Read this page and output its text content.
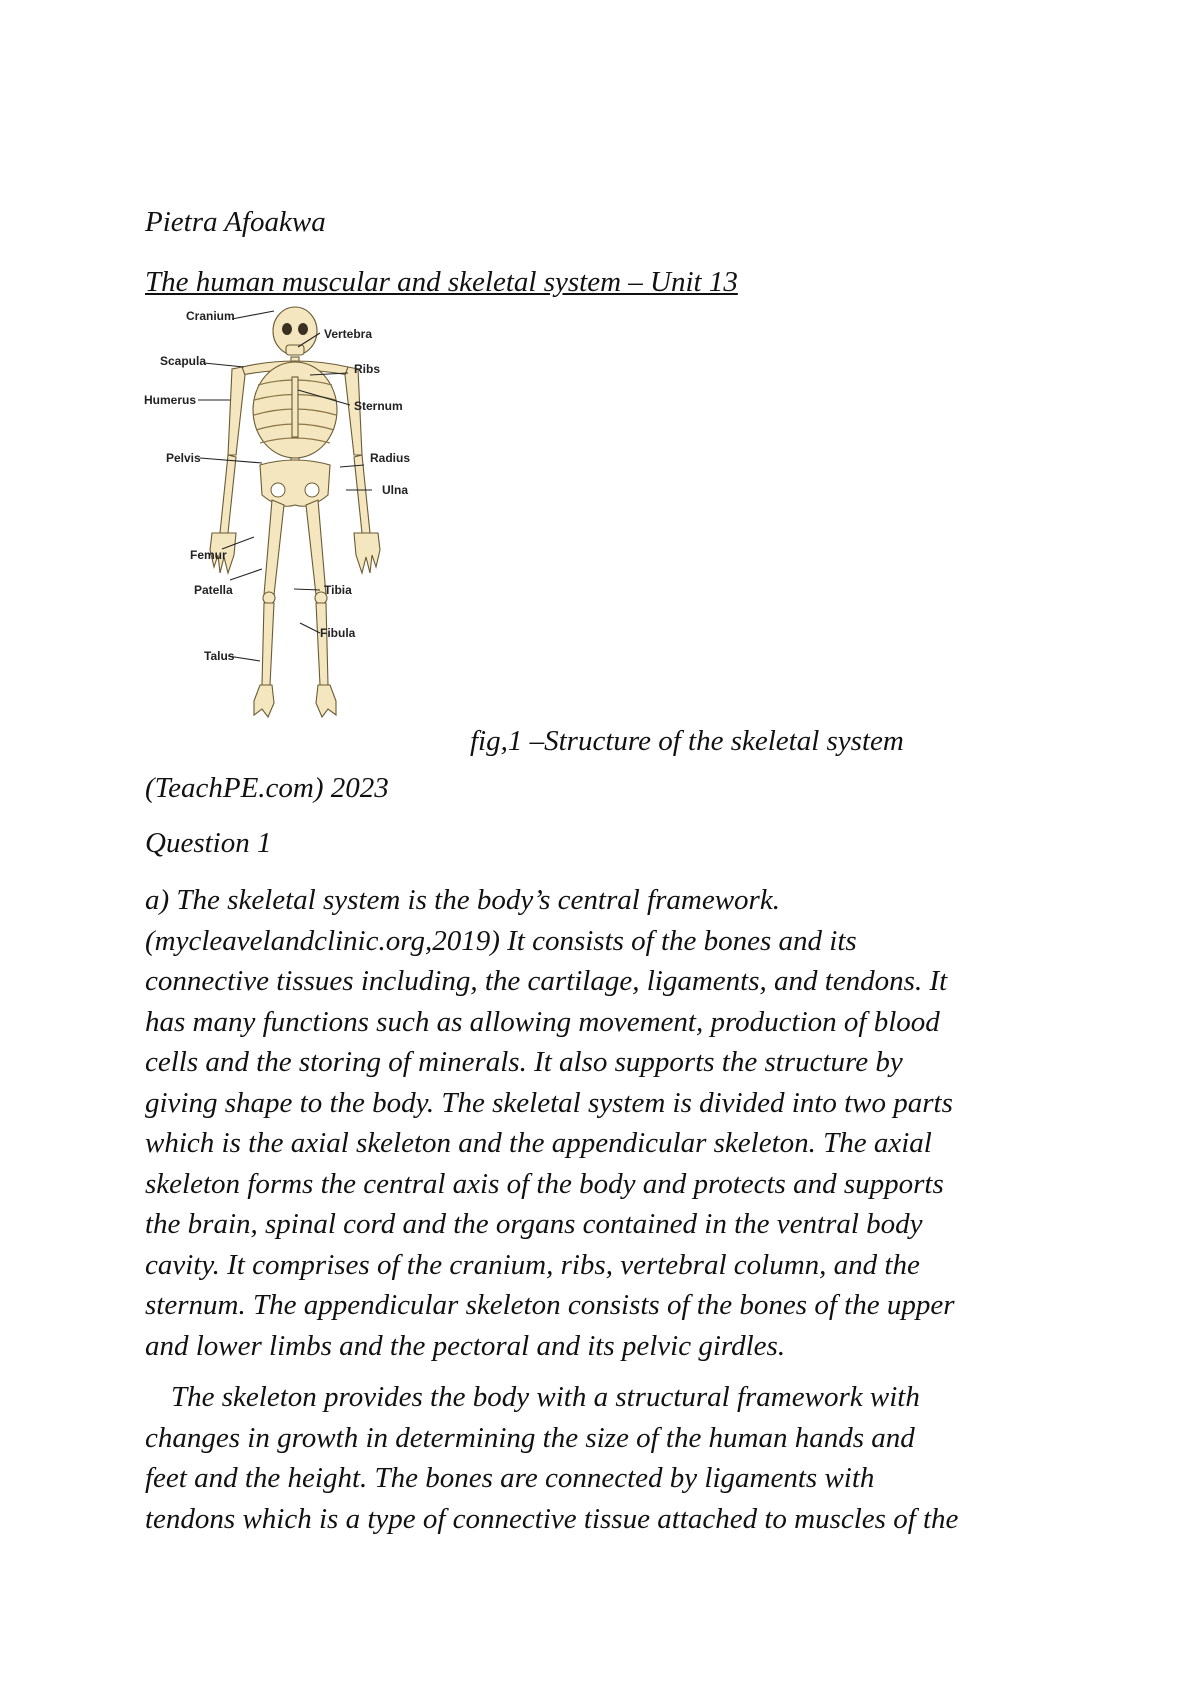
Pietra Afoakwa
The human muscular and skeletal system – Unit 13
Cranium
Vertebra
Scapula
Ribs
Humerus	Sternum
Pelvis	Radius
Ulna
Femur
Patella	Tibia
Fibula
Talus
fig,1 –Structure of the skeletal system
(TeachPE.com) 2023
Question 1
a) The skeletal system is the body’s central framework.
(mycleavelandclinic.org,2019) It consists of the bones and its
connective tissues including, the cartilage, ligaments, and tendons. It
has many functions such as allowing movement, production of blood
cells and the storing of minerals. It also supports the structure by
giving shape to the body. The skeletal system is divided into two parts
which is the axial skeleton and the appendicular skeleton. The axial
skeleton forms the central axis of the body and protects and supports
the brain, spinal cord and the organs contained in the ventral body
cavity. It comprises of the cranium, ribs, vertebral column, and the
sternum. The appendicular skeleton consists of the bones of the upper
and lower limbs and the pectoral and its pelvic girdles.
The skeleton provides the body with a structural framework with
changes in growth in determining the size of the human hands and
feet and the height. The bones are connected by ligaments with
tendons which is a type of connective tissue attached to muscles of the
